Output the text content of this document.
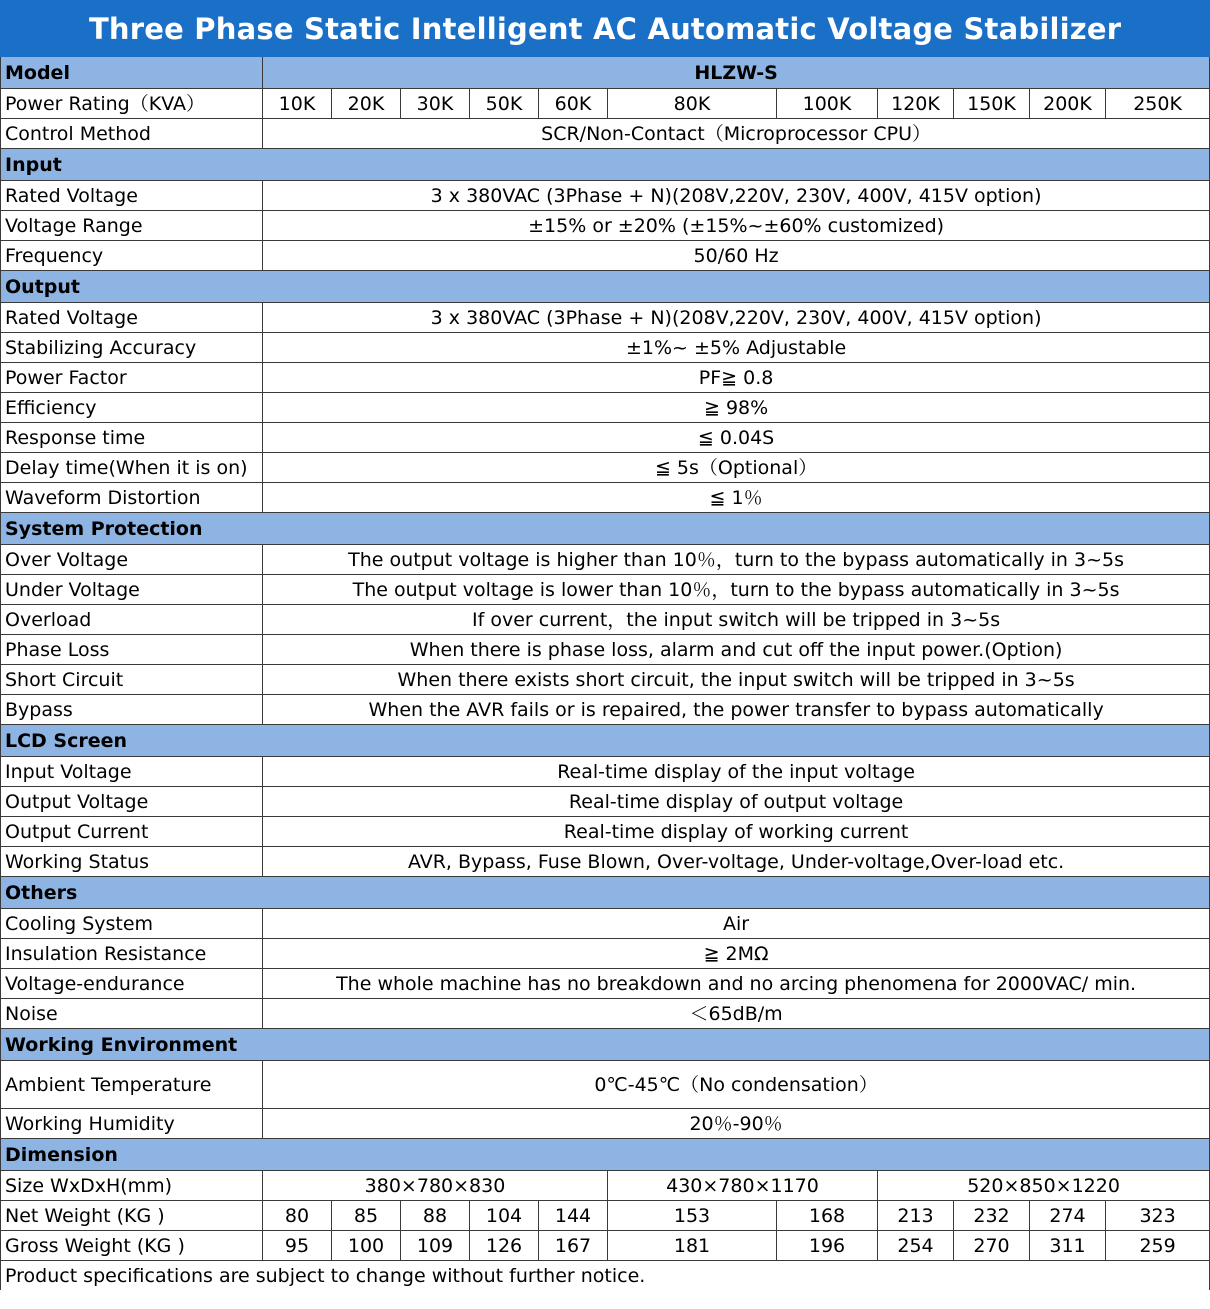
Three Phase Static Intelligent AC Automatic Voltage Stabilizer											
Model	HLZW-S										
Power Rating（KVA）	10K	20K	30K	50K	60K	80K	100K	120K	150K	200K	250K
Control Method	SCR/Non-Contact（Microprocessor CPU）										
Input											
Rated Voltage	3 x 380VAC (3Phase + N)(208V,220V, 230V, 400V, 415V option)										
Voltage Range	±15% or ±20% (±15%~±60% customized)										
Frequency	50/60 Hz										
Output											
Rated Voltage	3 x 380VAC (3Phase + N)(208V,220V, 230V, 400V, 415V option)										
Stabilizing Accuracy	±1%~ ±5% Adjustable										
Power Factor	PF≧ 0.8										
Efficiency	≧ 98%										
Response time	≦ 0.04S										
Delay time(When it is on)	≦ 5s（Optional）										
Waveform Distortion	≦ 1％										
System Protection											
Over Voltage	The output voltage is higher than 10％，turn to the bypass automatically in 3~5s										
Under Voltage	The output voltage is lower than 10％，turn to the bypass automatically in 3~5s										
Overload	If over current，the input switch will be tripped in 3~5s										
Phase Loss	When there is phase loss, alarm and cut off the input power.(Option)										
Short Circuit	When there exists short circuit, the input switch will be tripped in 3~5s										
Bypass	When the AVR fails or is repaired, the power transfer to bypass automatically										
LCD Screen											
Input Voltage	Real-time display of the input voltage										
Output Voltage	Real-time display of output voltage										
Output Current	Real-time display of working current										
Working Status	AVR, Bypass, Fuse Blown, Over-voltage, Under-voltage,Over-load etc.										
Others											
Cooling System	Air										
Insulation Resistance	≧ 2MΩ										
Voltage-endurance	The whole machine has no breakdown and no arcing phenomena for 2000VAC/ min.										
Noise	＜65dB/m										
Working Environment											
Ambient Temperature	0℃-45℃（No condensation）										
Working Humidity	20％-90％										
Dimension											
Size WxDxH(mm)	380×780×830					430×780×1170		520×850×1220			
Net Weight (KG )	80	85	88	104	144	153	168	213	232	274	323
Gross Weight (KG )	95	100	109	126	167	181	196	254	270	311	259
Product specifications are subject to change without further notice.											
